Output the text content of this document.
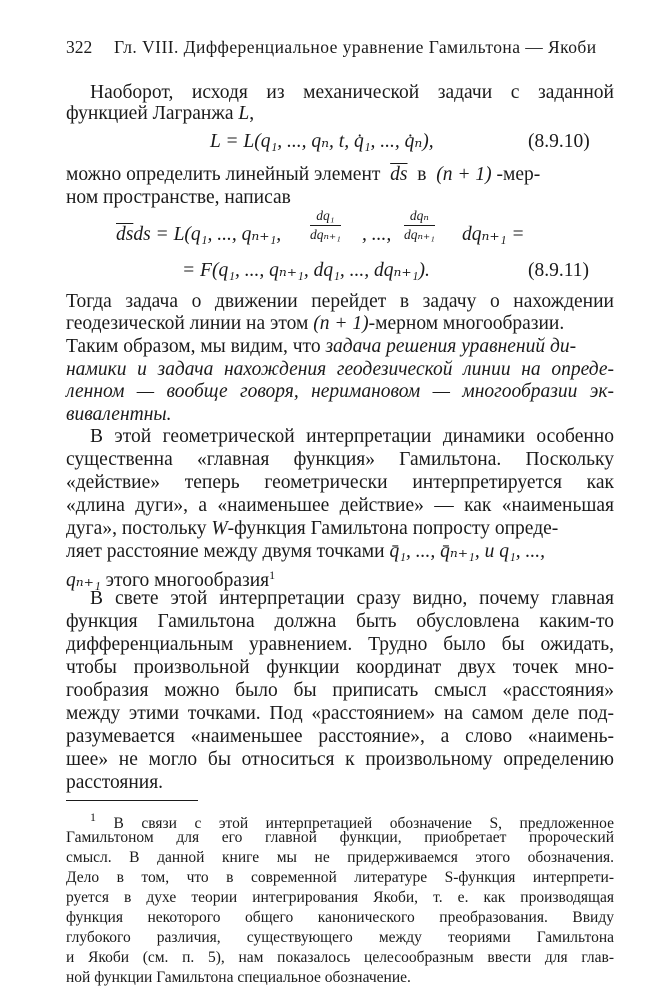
322 Гл. VIII. Дифференциальное уравнение Гамильтона — Якоби
Наоборот, исходя из механической задачи с заданной
функцией Лагранжа L,
L = L(q₁, ..., qₙ, t, q̇₁, ..., q̇ₙ),	(8.9.10)
можно определить линейный элемент $\overline{ds}$ в (n + 1) -мер-
ном пространстве, написав
$\overline{ds}ds = L(q_1$, ..., qₙ₊₁,
dq₁
dqₙ₊₁ , ...,
dqₙ
dqₙ₊₁ dqₙ₊₁ =
= F(q₁, ..., qₙ₊₁, dq₁, ..., dqₙ₊₁).	(8.9.11)
Тогда задача о движении перейдет в задачу о нахождении
геодезической линии на этом (n + 1)-мерном многообразии.
Таким образом, мы видим, что задача решения уравнений ди-
намики и задача нахождения геодезической линии на опреде-
ленном — вообще говоря, неримановом — многообразии эк-
вивалентны.
В этой геометрической интерпретации динамики особенно
существенна «главная функция» Гамильтона. Поскольку
«действие» теперь геометрически интерпретируется как
«длина дуги», а «наименьшее действие» — как «наименьшая
дуга», постольку W-функция Гамильтона попросту опреде-
ляет расстояние между двумя точками q̄₁, ..., q̄ₙ₊₁, и q₁, ...,
qₙ₊₁ этого многообразия$^1$
В свете этой интерпретации сразу видно, почему главная
функция Гамильтона должна быть обусловлена каким-то
дифференциальным уравнением. Трудно было бы ожидать,
чтобы произвольной функции координат двух точек мно-
гообразия можно было бы приписать смысл «расстояния»
между этими точками. Под «расстоянием» на самом деле под-
разумевается «наименьшее расстояние», а слово «наимень-
шее» не могло бы относиться к произвольному определению
расстояния.
$^1$ В связи с этой интерпретацией обозначение S, предложенное
Гамильтоном для его главной функции, приобретает пророческий
смысл. В данной книге мы не придерживаемся этого обозначения.
Дело в том, что в современной литературе S-функция интерпрети-
руется в духе теории интегрирования Якоби, т. е. как производящая
функция некоторого общего канонического преобразования. Ввиду
глубокого различия, существующего между теориями Гамильтона
и Якоби (см. п. 5), нам показалось целесообразным ввести для глав-
ной функции Гамильтона специальное обозначение.
